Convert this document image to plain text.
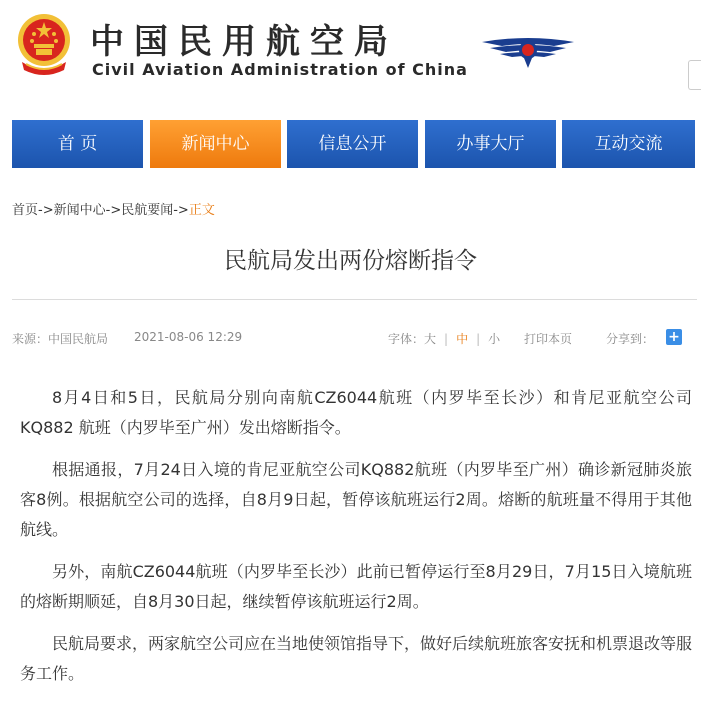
中国民用航空局
Civil Aviation Administration of China
首 页	新闻中心	信息公开	办事大厅	互动交流
首页->新闻中心->民航要闻->正文
民航局发出两份熔断指令
来源：中国民航局 2021-08-06 12:29	字体：大 | 中 | 小 打印本页	分享到： +

8月4日和5日，民航局分别向南航CZ6044航班（内罗毕至长沙）和肯尼亚航空公司KQ882 航班（内罗毕至广州）发出熔断指令。

根据通报，7月24日入境的肯尼亚航空公司KQ882航班（内罗毕至广州）确诊新冠肺炎旅客8例。根据航空公司的选择，自8月9日起，暂停该航班运行2周。熔断的航班量不得用于其他航线。

另外，南航CZ6044航班（内罗毕至长沙）此前已暂停运行至8月29日，7月15日入境航班的熔断期顺延，自8月30日起，继续暂停该航班运行2周。

民航局要求，两家航空公司应在当地使领馆指导下，做好后续航班旅客安抚和机票退改等服务工作。
